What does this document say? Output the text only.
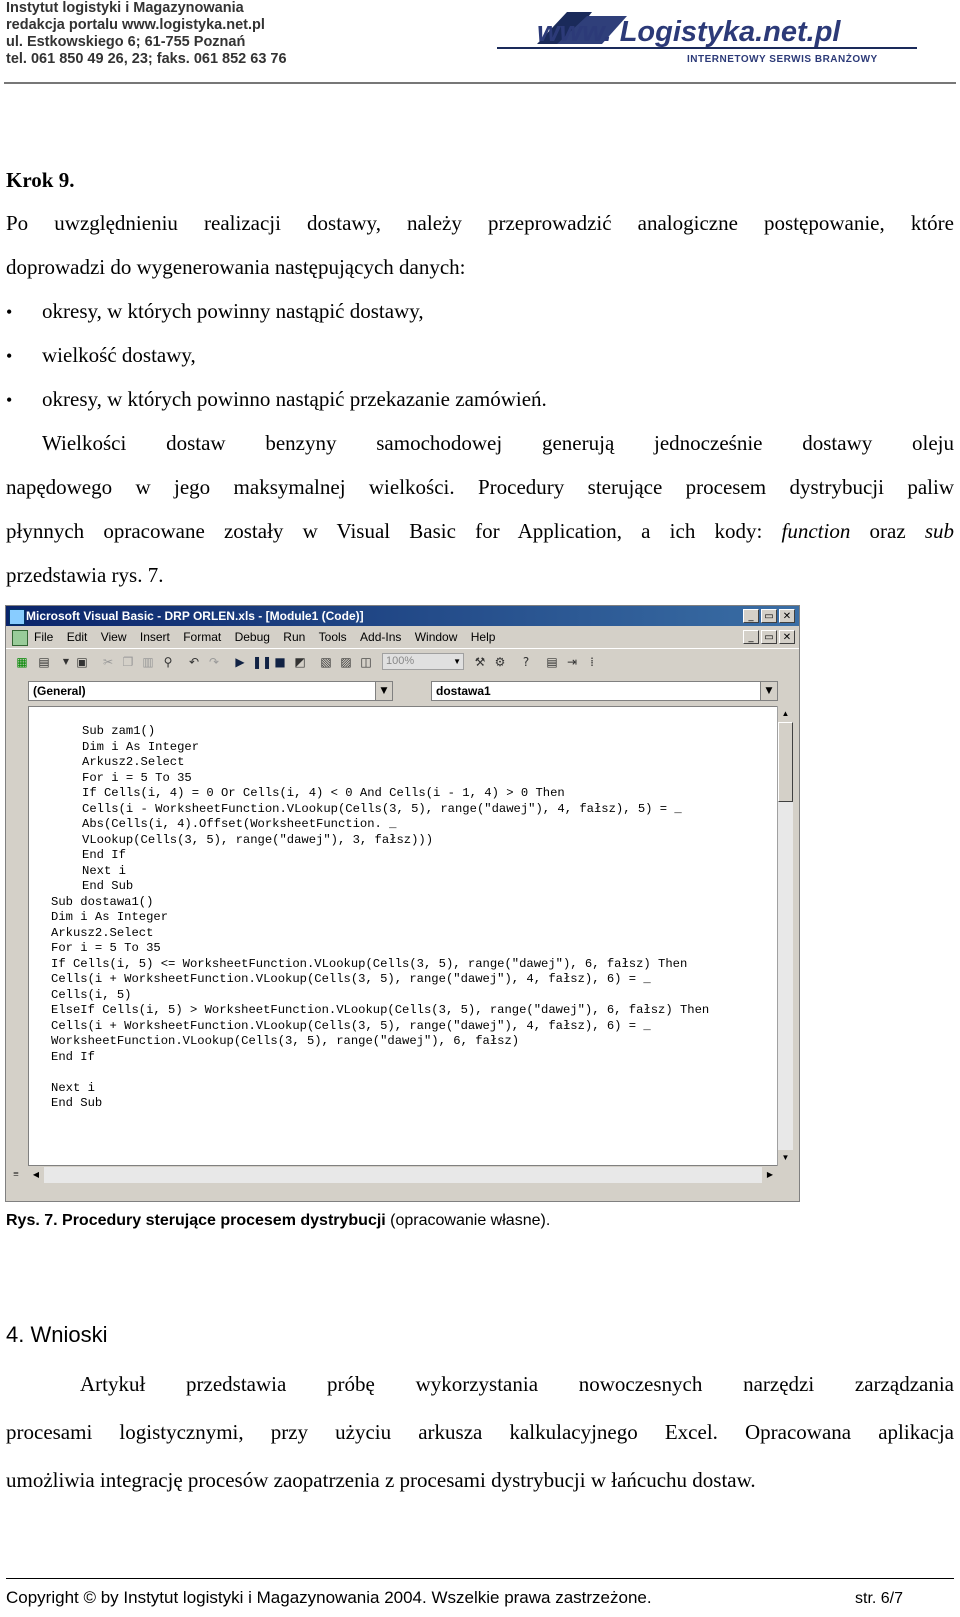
Instytut logistyki i Magazynowania
redakcja portalu www.logistyka.net.pl
ul. Estkowskiego 6; 61-755 Poznań
tel. 061 850 49 26, 23; faks. 061 852 63 76
www. Logistyka.net.pl
INTERNETOWY SERWIS BRANŻOWY
Krok 9.
Po uwzględnieniu realizacji dostawy, należy przeprowadzić analogiczne postępowanie, które
doprowadzi do wygenerowania następujących danych:
• okresy, w których powinny nastąpić dostawy,
• wielkość dostawy,
• okresy, w których powinno nastąpić przekazanie zamówień.
Wielkości dostaw benzyny samochodowej generują jednocześnie dostawy oleju
napędowego w jego maksymalnej wielkości. Procedury sterujące procesem dystrybucji paliw
płynnych opracowane zostały w Visual Basic for Application, a ich kody: function oraz sub
przedstawia rys. 7.
Microsoft Visual Basic - DRP ORLEN.xls - [Module1 (Code)]	_	▭ ✕
File Edit View Insert Format Debug Run Tools Add-Ins Window Help	_	▭ ✕
▦ ▤	▼ ▣ ✂ ❐ ▥ ⚲	↶ ↷ ▶ ❚❚ ■ ◩ ▧ ▨ ◫	100%	▼ ⚒ ⚙	?	▤ ⇥	⁞
(General)	▼	dostawa1	▼
Sub zam1()
Dim i As Integer
Arkusz2.Select
For i = 5 To 35
If Cells(i, 4) = 0 Or Cells(i, 4) < 0 And Cells(i - 1, 4) > 0 Then
Cells(i - WorksheetFunction.VLookup(Cells(3, 5), range("dawej"), 4, fałsz), 5) = _
Abs(Cells(i, 4).Offset(WorksheetFunction. _
VLookup(Cells(3, 5), range("dawej"), 3, fałsz)))
End If
Next i
End Sub
Sub dostawa1()
Dim i As Integer
Arkusz2.Select
For i = 5 To 35
If Cells(i, 5) <= WorksheetFunction.VLookup(Cells(3, 5), range("dawej"), 6, fałsz) Then
Cells(i + WorksheetFunction.VLookup(Cells(3, 5), range("dawej"), 4, fałsz), 6) = _
Cells(i, 5)
ElseIf Cells(i, 5) > WorksheetFunction.VLookup(Cells(3, 5), range("dawej"), 6, fałsz) Then
Cells(i + WorksheetFunction.VLookup(Cells(3, 5), range("dawej"), 4, fałsz), 6) = _
WorksheetFunction.VLookup(Cells(3, 5), range("dawej"), 6, fałsz)
End If
Next i
End Sub
▲
▼
≡	◀	▶
Rys. 7. Procedury sterujące procesem dystrybucji (opracowanie własne).
4. Wnioski
Artykuł przedstawia próbę wykorzystania nowoczesnych narzędzi zarządzania
procesami logistycznymi, przy użyciu arkusza kalkulacyjnego Excel. Opracowana aplikacja
umożliwia integrację procesów zaopatrzenia z procesami dystrybucji w łańcuchu dostaw.
Copyright © by Instytut logistyki i Magazynowania 2004. Wszelkie prawa zastrzeżone.	str. 6/7
